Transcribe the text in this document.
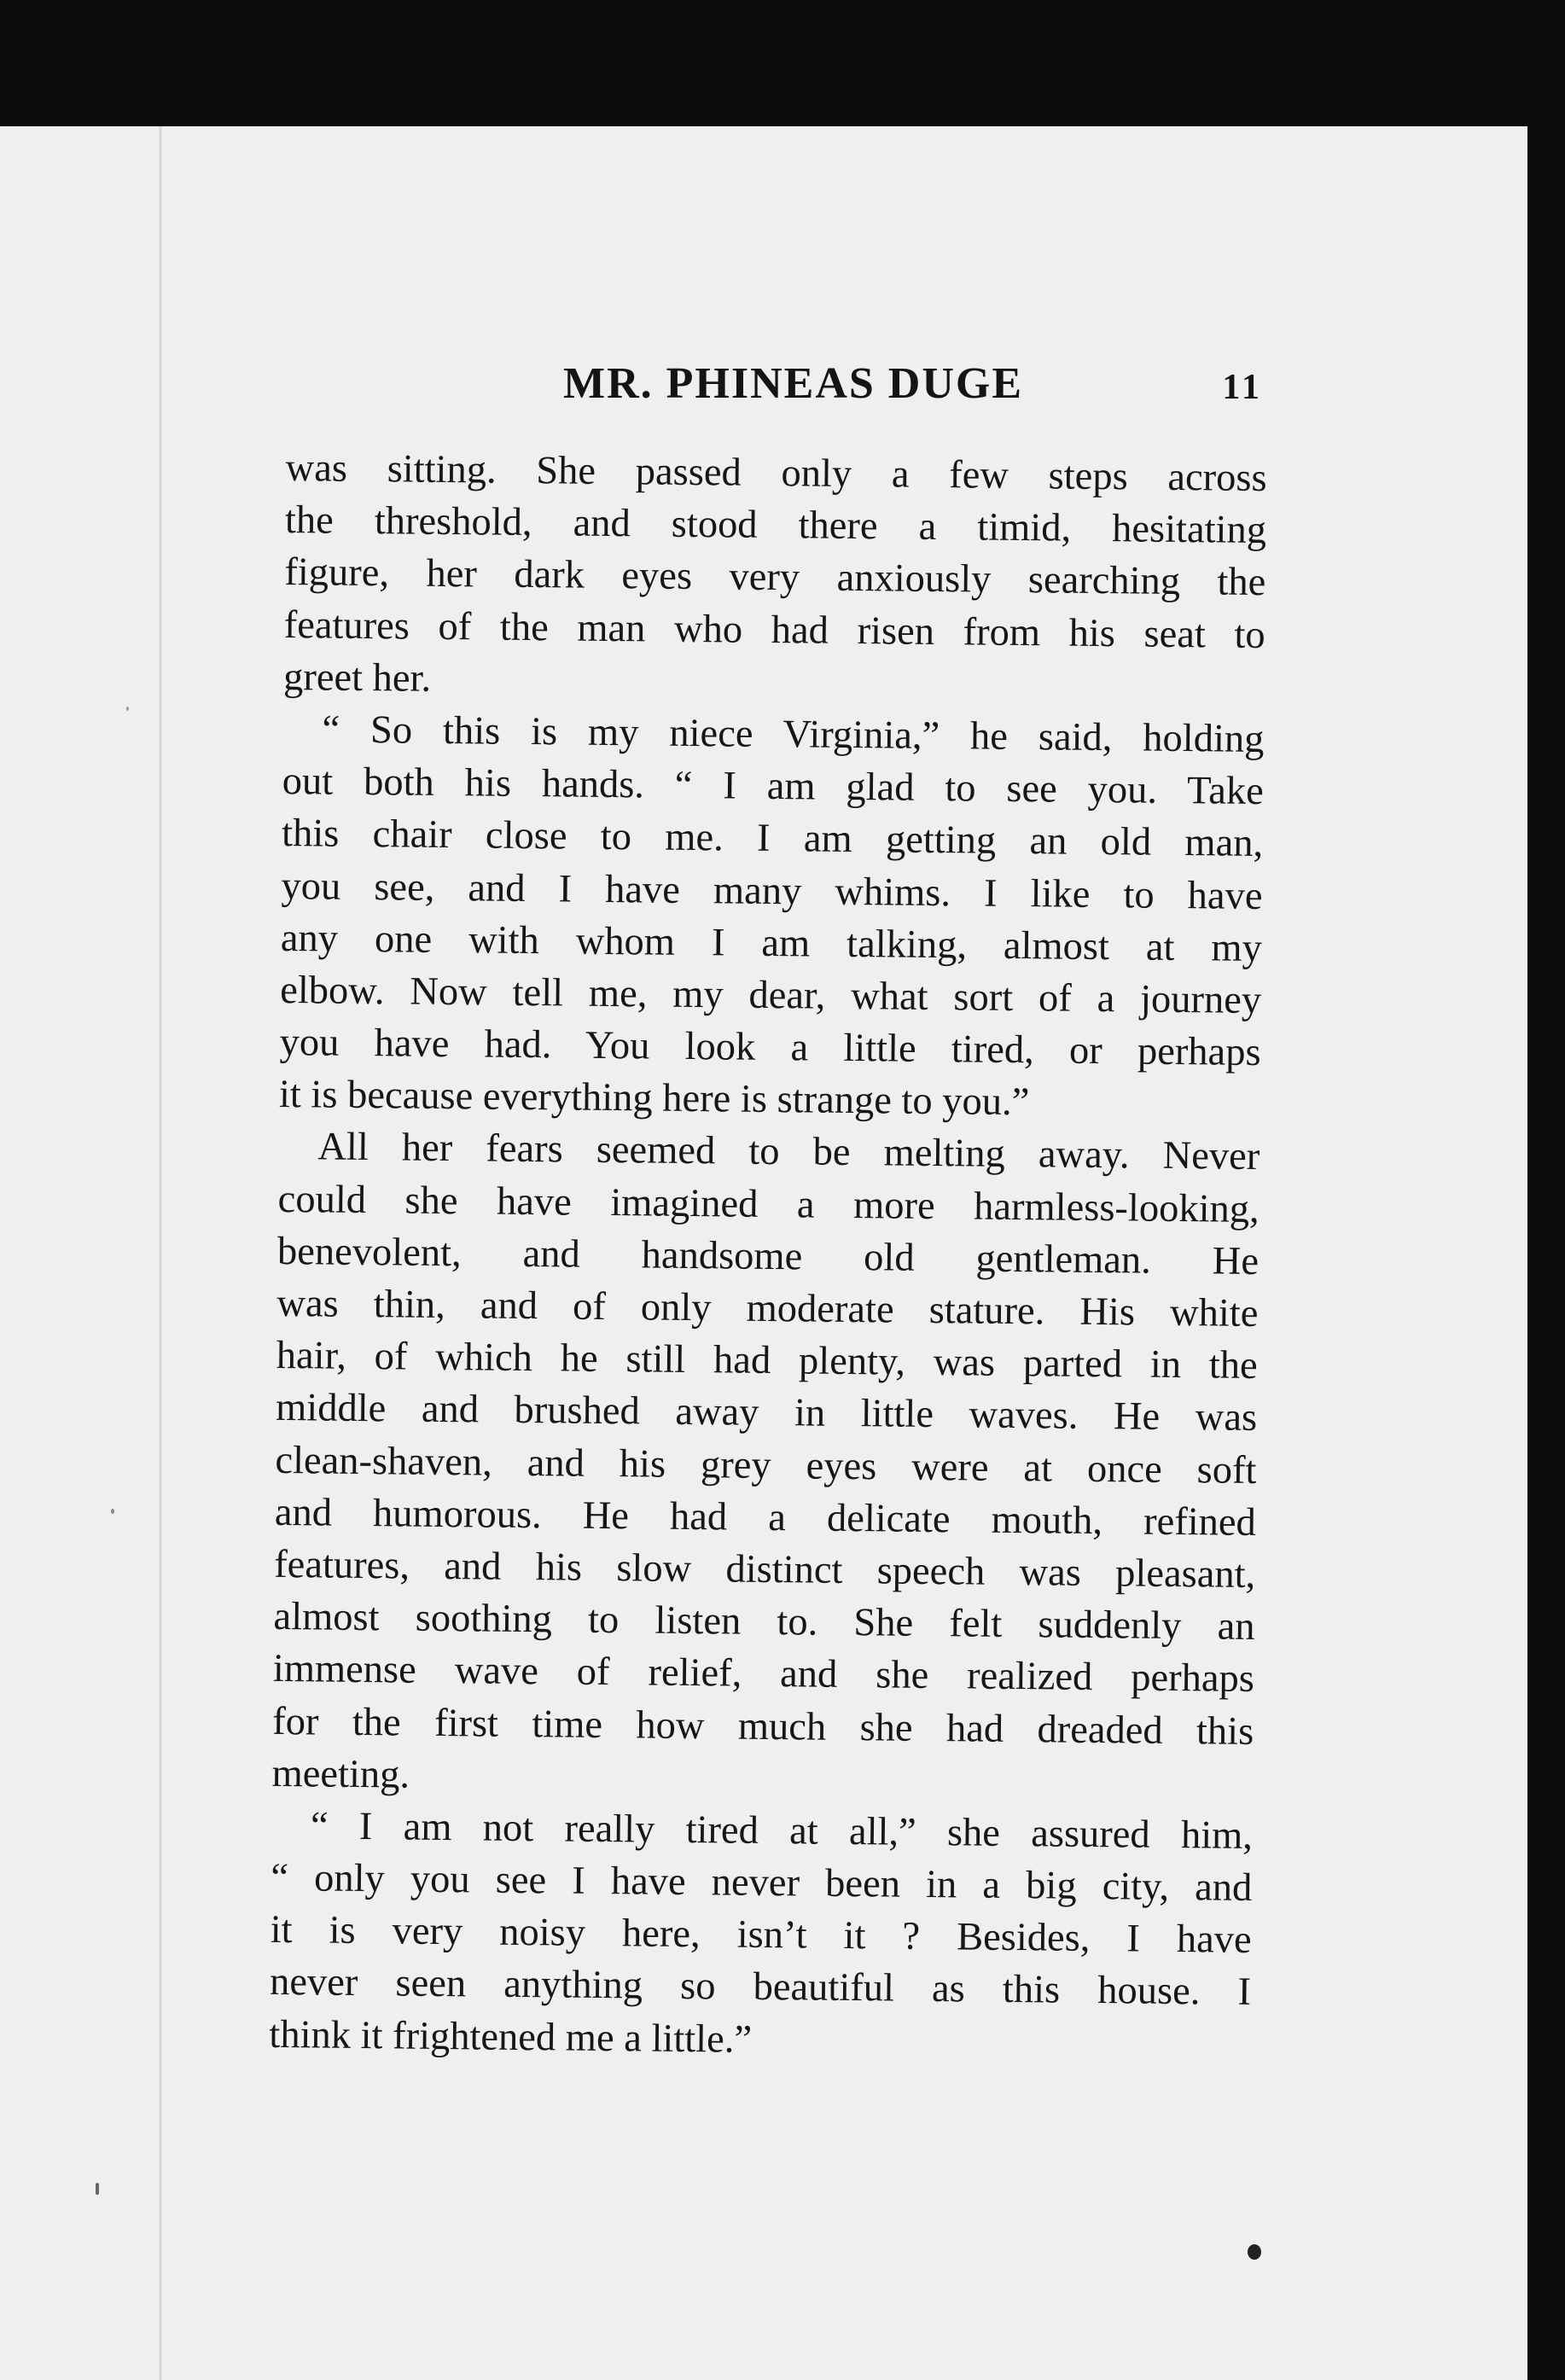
MR. PHINEAS DUGE	11
was sitting. She passed only a few steps across
the threshold, and stood there a timid, hesitating
figure, her dark eyes very anxiously searching the
features of the man who had risen from his seat to
greet her.
“ So this is my niece Virginia,” he said, holding
out both his hands. “ I am glad to see you. Take
this chair close to me. I am getting an old man,
you see, and I have many whims. I like to have
any one with whom I am talking, almost at my
elbow. Now tell me, my dear, what sort of a journey
you have had. You look a little tired, or perhaps
it is because everything here is strange to you.”
All her fears seemed to be melting away. Never
could she have imagined a more harmless-looking,
benevolent, and handsome old gentleman. He
was thin, and of only moderate stature. His white
hair, of which he still had plenty, was parted in the
middle and brushed away in little waves. He was
clean-shaven, and his grey eyes were at once soft
and humorous. He had a delicate mouth, refined
features, and his slow distinct speech was pleasant,
almost soothing to listen to. She felt suddenly an
immense wave of relief, and she realized perhaps
for the first time how much she had dreaded this
meeting.
“ I am not really tired at all,” she assured him,
“ only you see I have never been in a big city, and
it is very noisy here, isn’t it ? Besides, I have
never seen anything so beautiful as this house. I
think it frightened me a little.”
